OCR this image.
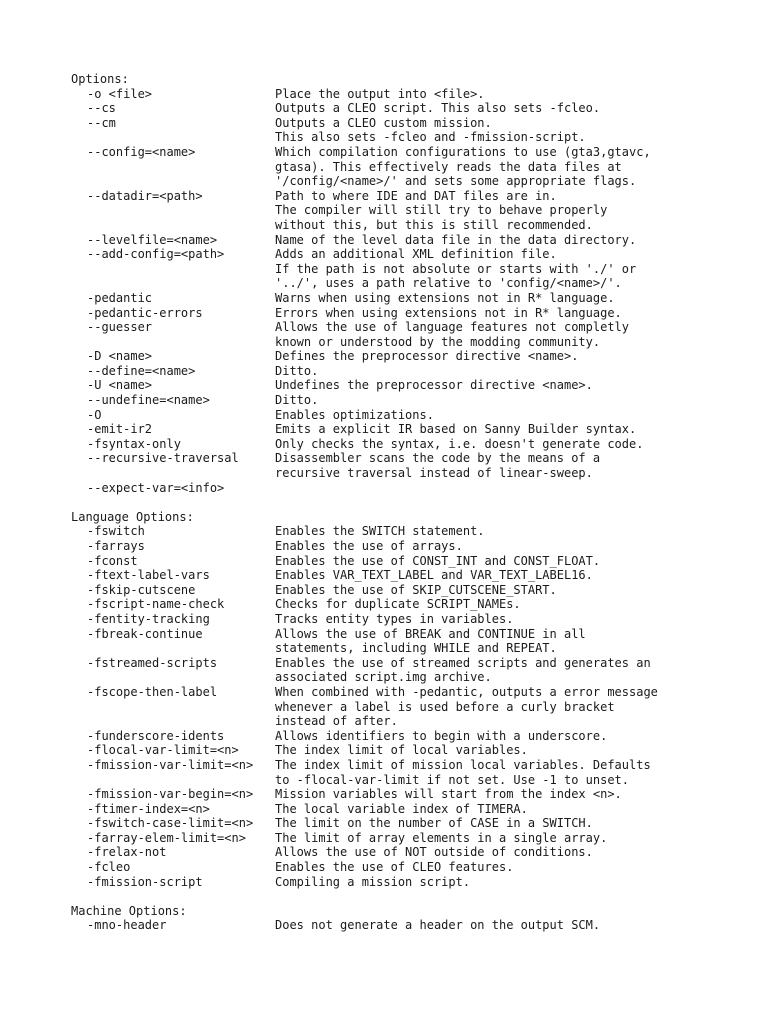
Options:
-o <file>	Place the output into <file>.
--cs	Outputs a CLEO script. This also sets -fcleo.
--cm	Outputs a CLEO custom mission.
This also sets -fcleo and -fmission-script.
--config=<name>	Which compilation configurations to use (gta3,gtavc,
gtasa). This effectively reads the data files at
'/config/<name>/' and sets some appropriate flags.
--datadir=<path>	Path to where IDE and DAT files are in.
The compiler will still try to behave properly
without this, but this is still recommended.
--levelfile=<name>	Name of the level data file in the data directory.
--add-config=<path>	Adds an additional XML definition file.
If the path is not absolute or starts with './' or
'../', uses a path relative to 'config/<name>/'.
-pedantic	Warns when using extensions not in R* language.
-pedantic-errors	Errors when using extensions not in R* language.
--guesser	Allows the use of language features not completly
known or understood by the modding community.
-D <name>	Defines the preprocessor directive <name>.
--define=<name>	Ditto.
-U <name>	Undefines the preprocessor directive <name>.
--undefine=<name>	Ditto.
-O	Enables optimizations.
-emit-ir2	Emits a explicit IR based on Sanny Builder syntax.
-fsyntax-only	Only checks the syntax, i.e. doesn't generate code.
--recursive-traversal	Disassembler scans the code by the means of a
recursive traversal instead of linear-sweep.
--expect-var=<info>

Language Options:
-fswitch	Enables the SWITCH statement.
-farrays	Enables the use of arrays.
-fconst	Enables the use of CONST_INT and CONST_FLOAT.
-ftext-label-vars	Enables VAR_TEXT_LABEL and VAR_TEXT_LABEL16.
-fskip-cutscene	Enables the use of SKIP_CUTSCENE_START.
-fscript-name-check	Checks for duplicate SCRIPT_NAMEs.
-fentity-tracking	Tracks entity types in variables.
-fbreak-continue	Allows the use of BREAK and CONTINUE in all
statements, including WHILE and REPEAT.
-fstreamed-scripts	Enables the use of streamed scripts and generates an
associated script.img archive.
-fscope-then-label	When combined with -pedantic, outputs a error message
whenever a label is used before a curly bracket
instead of after.
-funderscore-idents	Allows identifiers to begin with a underscore.
-flocal-var-limit=<n>	The index limit of local variables.
-fmission-var-limit=<n>	The index limit of mission local variables. Defaults
to -flocal-var-limit if not set. Use -1 to unset.
-fmission-var-begin=<n>	Mission variables will start from the index <n>.
-ftimer-index=<n>	The local variable index of TIMERA.
-fswitch-case-limit=<n>	The limit on the number of CASE in a SWITCH.
-farray-elem-limit=<n>	The limit of array elements in a single array.
-frelax-not	Allows the use of NOT outside of conditions.
-fcleo	Enables the use of CLEO features.
-fmission-script	Compiling a mission script.
Machine Options:
-mno-header	Does not generate a header on the output SCM.
